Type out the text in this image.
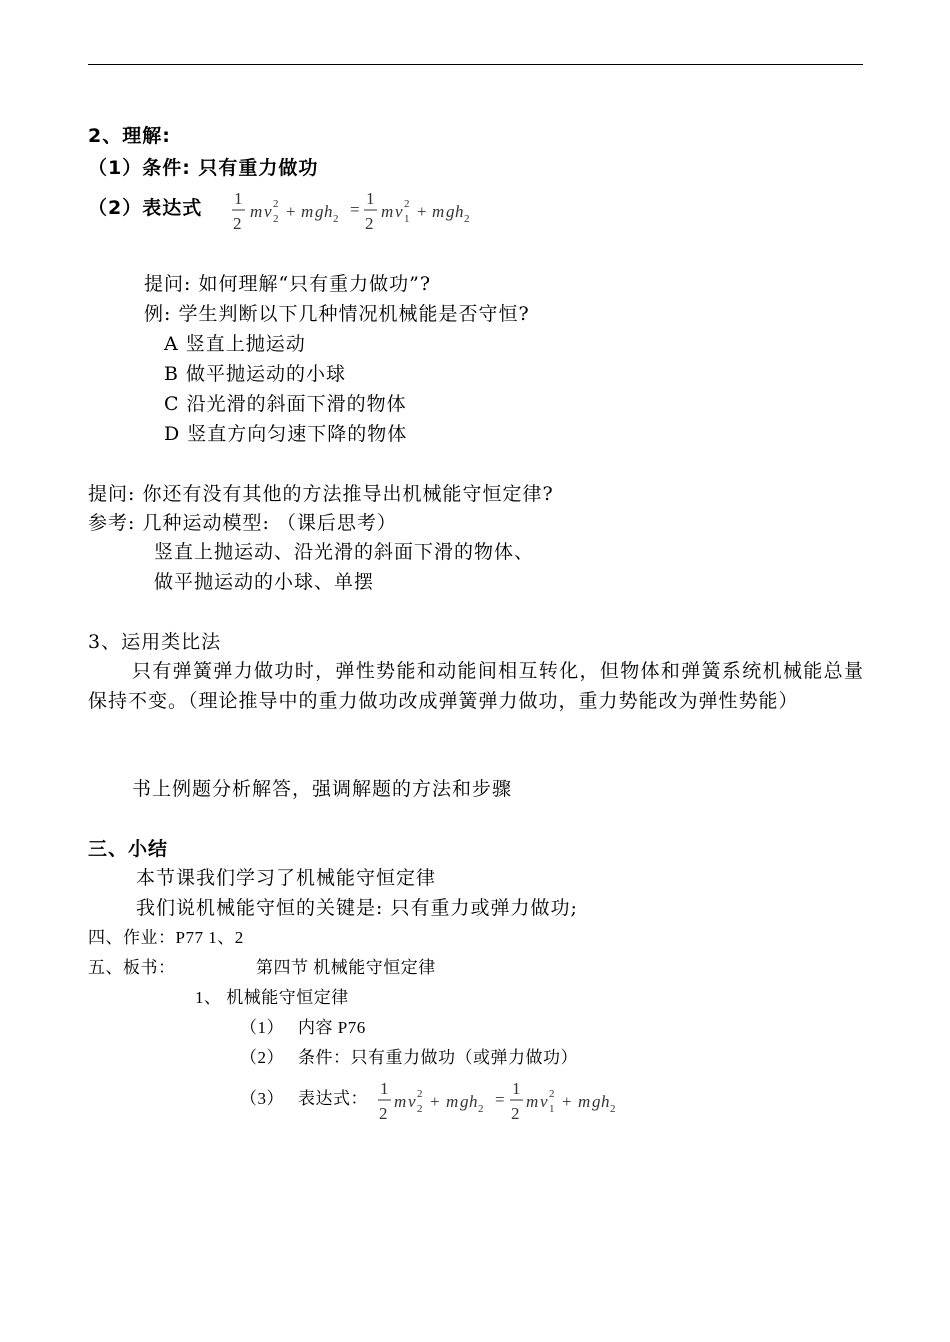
2、理解:
（1）条件: 只有重力做功
（2）表达式 1
2
m v 2
2 + m g h 2 =
1
2
m v 2
1 + m g h 2
提问: 如何理解“只有重力做功”?
例: 学生判断以下几种情况机械能是否守恒?
A 竖直上抛运动
B 做平抛运动的小球
C 沿光滑的斜面下滑的物体
D 竖直方向匀速下降的物体
提问: 你还有没有其他的方法推导出机械能守恒定律?
参考: 几种运动模型: （课后思考）
竖直上抛运动、沿光滑的斜面下滑的物体、
做平抛运动的小球、单摆
3、运用类比法
只有弹簧弹力做功时，弹性势能和动能间相互转化，但物体和弹簧系统机械能总量保持不变。（理论推导中的重力做功改成弹簧弹力做功，重力势能改为弹性势能）
书上例题分析解答，强调解题的方法和步骤
三、小结
本节课我们学习了机械能守恒定律
我们说机械能守恒的关键是: 只有重力或弹力做功;
四、作业：P77 1、2
五、板书：	第四节 机械能守恒定律
1、 机械能守恒定律
（1） 内容 P76
（2） 条件：只有重力做功（或弹力做功）
（3） 表达式：
1
2
m v 2
2 + m g h 2 =
1
2
m v 2
1 + m g h 2
